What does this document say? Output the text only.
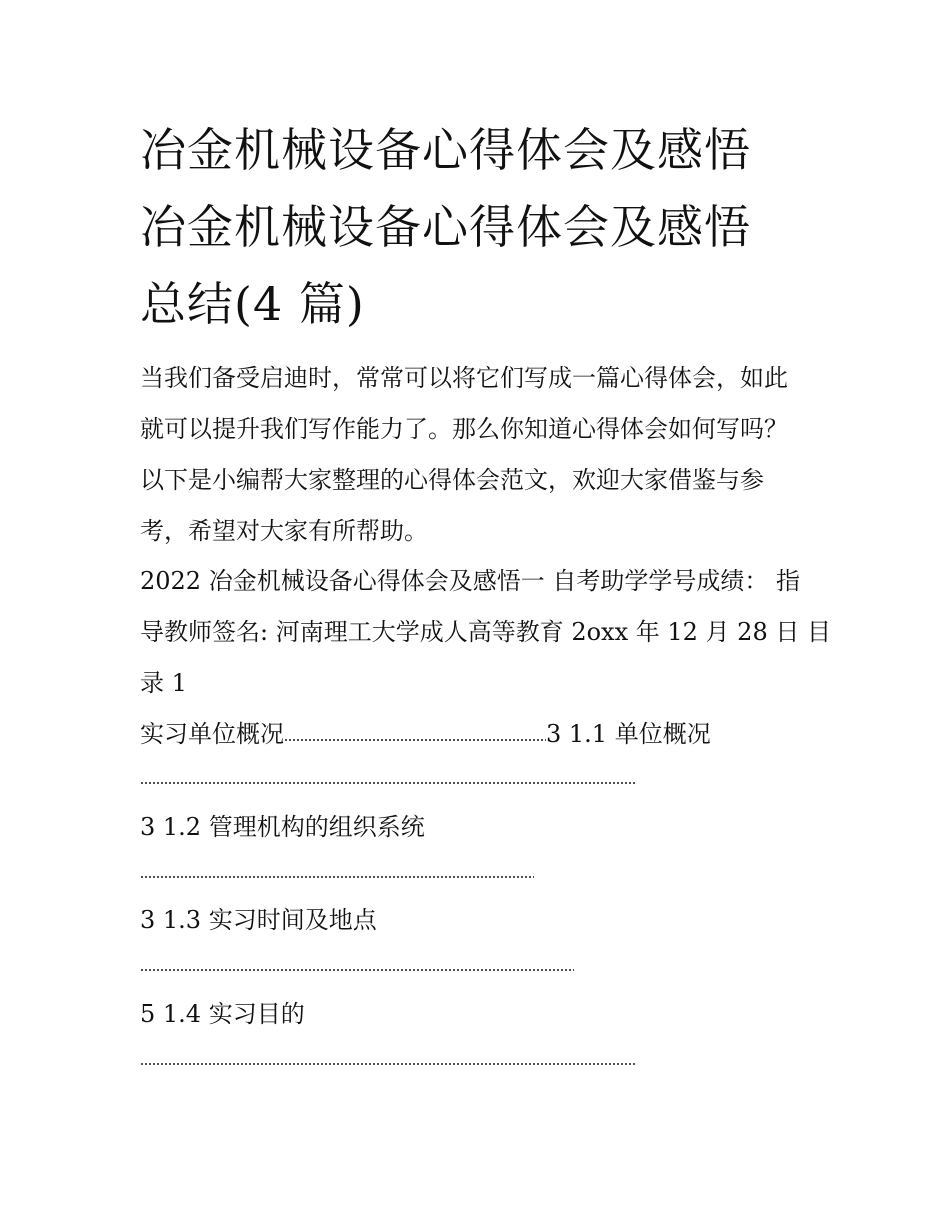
冶金机械设备心得体会及感悟
冶金机械设备心得体会及感悟
总结(4 篇)

当我们备受启迪时，常常可以将它们写成一篇心得体会，如此
就可以提升我们写作能力了。那么你知道心得体会如何写吗？
以下是小编帮大家整理的心得体会范文，欢迎大家借鉴与参
考，希望对大家有所帮助。

2022 冶金机械设备心得体会及感悟一 自考助学学号成绩： 指
导教师签名: 河南理工大学成人高等教育 2oxx 年 12 月 28 日 目
录 1

实习单位概况	3 1.1 单位概况

3 1.2 管理机构的组织系统

3 1.3 实习时间及地点

5 1.4 实习目的
